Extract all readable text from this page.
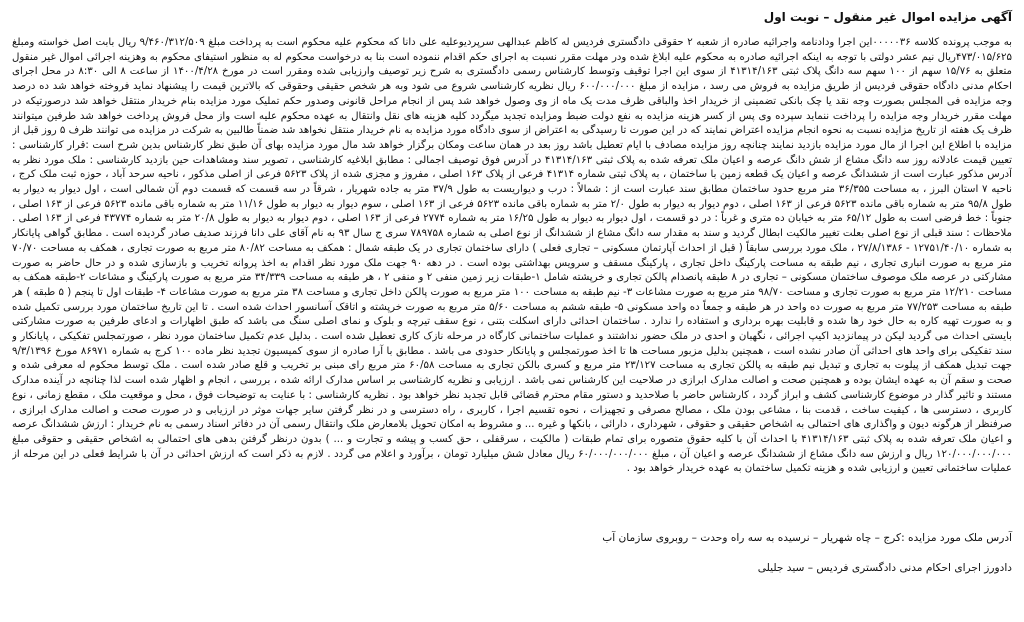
آگهی مزایده اموال غیر منقول – نوبت اول

به موجب پرونده کلاسه ۰۰۰۰۰۳۶این اجرا ودادنامه واجرائیه صادره از شعبه ۲ حقوقی دادگستری فردیس له کاظم عبدالهی سرپردیوعلیه علی دانا که محکوم علیه محکوم است به پرداخت مبلغ ۹/۴۶۰/۳۱۲/۵۰۹ ریال بابت اصل خواسته ومبلغ ۴۷۳/۰۱۵/۶۲۵ریال نیم عشر دولتی با توجه به اینکه اجرائیه صادره به محکوم علیه ابلاغ شده ودر مهلت مقرر نسبت به اجرای حکم اقدام ننموده است بنا به درخواست محکوم له به منظور استیفای محکوم به وهزینه اجرائی اموال غیر منقول متعلق به ۱۵/۷۶ سهم از ۱۰۰ سهم سه دانگ پلاک ثبتی ۴۱۳۱۴/۱۶۳ از سوی این اجرا توقیف وتوسط کارشناس رسمی دادگستری به شرح زیر توصیف وارزیابی شده ومقرر است در مورخ ۱۴۰۰/۴/۲۸ از ساعت ۸ الی ۸:۳۰ در محل اجرای احکام مدنی دادگاه حقوقی فردیس از طریق مزایده به فروش می رسد ، مزایده از مبلغ ۶۰۰/۰۰۰/۰۰۰ ریال نظریه کارشناسی شروع می شود وبه هر شخص حقیقی وحقوقی که بالاترین قیمت را پیشنهاد نماید فروخته خواهد شد ده درصد وجه مزایده فی المجلس بصورت وجه نقد یا چک بانکی تضمینی از خریدار اخذ والباقی ظرف مدت یک ماه از وی وصول خواهد شد پس از انجام مراحل قانونی وصدور حکم تملیک مورد مزایده بنام خریدار منتقل خواهد شد درصورتیکه در مهلت مقرر خریدار وجه مزایده را پرداخت ننماید سپرده وی پس از کسر هزینه مزایده به نفع دولت ضبط ومزایده تجدید میگردد کلیه هزینه های نقل وانتقال به عهده محکوم علیه است واز محل فروش پرداخت خواهد شد طرفین میتوانند ظرف یک هفته از تاریخ مزایده نسبت به نحوه انجام مزایده اعتراض نمایند که در این صورت تا رسیدگی به اعتراض از سوی دادگاه مورد مزایده به نام خریدار منتقل نخواهد شد ضمناً طالبین به شرکت در مزایده می توانند ظرف ۵ روز قبل از مزایده با اطلاع این اجرا از مال مورد مزایده بازدید نمایند چنانچه روز مزایده مصادف با ایام تعطیل باشد روز بعد در همان ساعت ومکان برگزار خواهد شد مال مورد مزایده بهای آن طبق نظر کارشناس بدین شرح است :قرار کارشناسی : تعیین قیمت عادلانه روز سه دانگ مشاع از شش دانگ عرصه و اعیان ملک تعرفه شده به پلاک ثبتی ۴۱۳۱۴/۱۶۳ در آدرس فوق توصیف اجمالی : مطابق ابلاغیه کارشناسی ، تصویر سند ومشاهدات حین بازدید کارشناسی : ملک مورد نظر به آدرس مذکور عبارت است از ششدانگ عرصه و اعیان یک قطعه زمین با ساختمان ، به پلاک ثبتی شماره ۴۱۳۱۴ فرعی از پلاک ۱۶۳ اصلی ، مفروز و مجزی شده از پلاک ۵۶۲۳ فرعی از اصلی مذکور ، ناحیه سرحد آباد ، حوزه ثبت ملک کرج ، ناحیه ۷ استان البرز ، به مساحت ۳۶/۳۵۵ متر مربع حدود ساختمان مطابق سند عبارت است از : شمالاً : درب و دیواریست به طول ۳۷/۹ متر به جاده شهریار ، شرقاً در سه قسمت که قسمت دوم آن شمالی است ، اول دیوار به دیوار به طول ۹۵/۸ متر به شماره باقی مانده ۵۶۲۳ فرعی از ۱۶۳ اصلی ، دوم دیوار به دیوار به طول ۲/۰ متر به شماره باقی مانده ۵۶۲۳ فرعی از ۱۶۳ اصلی ، سوم دیوار به دیوار به طول ۱۱/۱۶ متر به شماره باقی مانده ۵۶۲۳ فرعی از ۱۶۳ اصلی ، جنوباً : خط فرضی است به طول ۶۵/۱۲ متر به خیابان ده متری و غرباً : در دو قسمت ، اول دیوار به دیوار به طول ۱۶/۲۵ متر به شماره ۲۷۷۴ فرعی از ۱۶۳ اصلی ، دوم دیوار به دیوار به طول ۲۰/۸ متر به شماره ۴۳۷۷۴ فرعی از ۱۶۳ اصلی . ملاحظات : سند قبلی از نوع اصلی بعلت تغییر مالکیت ابطال گردید و سند به مقدار سه دانگ مشاع از ششدانگ از نوع اصلی به شماره ۷۸۹۷۵۸ سری ج سال ۹۳ به نام آقای علی دانا فرزند صدیف صادر گردیده است . مطابق گواهی پایانکار به شماره ۱۲۷۵۱/۴۰/۱۰ - ۲۷/۸/۱۳۸۶ ، ملک مورد بررسی سابقاً ( قبل از احداث آپارتمان مسکونی – تجاری فعلی ) دارای ساختمان تجاری در یک طبقه شمال : همکف به مساحت ۸۰/۸۲ متر مربع به صورت تجاری ، همکف به مساحت ۷۰/۷۰ متر مربع به صورت انباری تجاری ، نیم طبقه به مساحت پارکینگ داخل تجاری ، پارکینگ مسقف و سرویس بهداشتی بوده است . در دهه ۹۰ جهت ملک مورد نظر اقدام به اخذ پروانه تخریب و بازسازی شده و در حال حاضر به صورت مشارکتی در عرصه ملک موصوف ساختمان مسکونی – تجاری در ۸ طبقه پانصدام پالکن تجاری و خرپشته شامل ۱-طبقات زیر زمین منفی ۲ و منفی ۲ ، هر طبقه به مساحت ۳۴/۳۳۹ متر مربع به صورت پارکینگ و مشاعات ۲-طبقه همکف به مساحت ۱۲/۲۱۰ متر مربع به صورت تجاری و مساحت ۹۸/۷۰ متر مربع به صورت مشاعات ۳- نیم طبقه به مساحت ۱۰۰ متر مربع به صورت پالکن داخل تجاری و مساحت ۳۸ متر مربع به صورت مشاعات ۴- طبقات اول تا پنجم ( ۵ طبقه ) هر طبقه به مساحت ۷۷/۲۵۳ متر مربع به صورت ده واحد در هر طبقه و جمعاً ده واحد مسکونی ۵- طبقه ششم به مساحت ۵/۶۰ متر مربع به صورت خرپشته و اتاقک آسانسور احداث شده است . تا این تاریخ ساختمان مورد بررسی تکمیل شده و به صورت تهیه کاره به حال خود رها شده و قابلیت بهره برداری و استفاده را ندارد . ساختمان احداثی دارای اسکلت بتنی ، نوع سقف تیرچه و بلوک و نمای اصلی سنگ می باشد که طبق اظهارات و ادعای طرفین به صورت مشارکتی بایستی احداث می گردید لیکن در پیمانزدید اکیپ اجرائی ، نگهبان و احدی در ملک حضور نداشتند و عملیات ساختمانی کارگاه در مرحله نازک کاری تعطیل شده است . بدلیل عدم تکمیل ساختمان مورد نظر ، صورتمجلس تفکیکی ، پایانکار و سند تفکیکی برای واحد های احداثی آن صادر نشده است ، همچنین بدلیل مزبور مساحت ها تا اخذ صورتمجلس و پایانکار حدودی می باشد . مطابق با آرا صادره از سوی کمیسیون تجدید نظر ماده ۱۰۰ کرج به شماره ۸۶۹۷۱ مورخ ۹/۳/۱۳۹۶ جهت تبدیل همکف از پیلوت به تجاری و تبدیل نیم طبقه به پالکن تجاری به مساحت ۲۳/۱۲۷ متر مربع و کسری بالکن تجاری به مساحت ۶۰/۵۸ متر مربع رای مبنی بر تخریب و قلع صادر شده است . ملک توسط محکوم له معرفی شده و صحت و سقم آن به عهده ایشان بوده و همچنین صحت و اصالت مدارک ابرازی در صلاحیت این کارشناس نمی باشد . ارزیابی و نظریه کارشناسی بر اساس مدارک ارائه شده ، بررسی ، انجام و اظهار شده است لذا چنانچه در آینده مدارک مستند و تاثیر گذار در موضوع کارشناسی کشف و ابراز گردد ، کارشناس حاضر با صلاحدید و دستور مقام محترم قضائی قابل تجدید نظر خواهد بود . نظریه کارشناسی : با عنایت به توضیحات فوق ، محل و موقعیت ملک ، مقطع زمانی ، نوع کاربری ، دسترسی ها ، کیفیت ساخت ، قدمت بنا ، مشاعی بودن ملک ، مصالح مصرفی و تجهیزات ، نحوه تقسیم اجرا ، کاربری ، راه دسترسی و در نظر گرفتن سایر جهات موثر در ارزیابی و در صورت صحت و اصالت مدارک ابرازی ، صرفنظر از هرگونه دیون و واگذاری های احتمالی به اشخاص حقیقی و حقوقی ، شهرداری ، دارائی ، بانکها و غیره ... و مشروط به امکان تحویل بلامعارض ملک وانتقال رسمی آن در دفاتر اسناد رسمی به نام خریدار : ارزش ششدانگ عرصه و اعیان ملک تعرفه شده به پلاک ثبتی ۴۱۳۱۴/۱۶۳ با احداث آن با کلیه حقوق متصوره برای تمام طبقات ( مالکیت ، سرقفلی ، حق کسب و پیشه و تجارت و ... ) بدون درنظر گرفتن بدهی های احتمالی به اشخاص حقیقی و حقوقی مبلغ ۱۲۰/۰۰۰/۰۰۰/۰۰۰ ریال و ارزش سه دانگ مشاع از ششدانگ عرصه و اعیان آن ، مبلغ ۶۰/۰۰۰/۰۰۰/۰۰۰ ریال معادل شش میلیارد تومان ، برآورد و اعلام می گردد . لازم به ذکر است که ارزش احداثی در آن با شرایط فعلی در این مرحله از عملیات ساختمانی تعیین و ارزیابی شده و هزینه تکمیل ساختمان به عهده خریدار خواهد بود .

آدرس ملک مورد مزایده :کرج – چاه شهریار – نرسیده به سه راه وحدت – روبروی سازمان آب

دادورز اجرای احکام مدنی دادگستری فردیس – سید جلیلی
